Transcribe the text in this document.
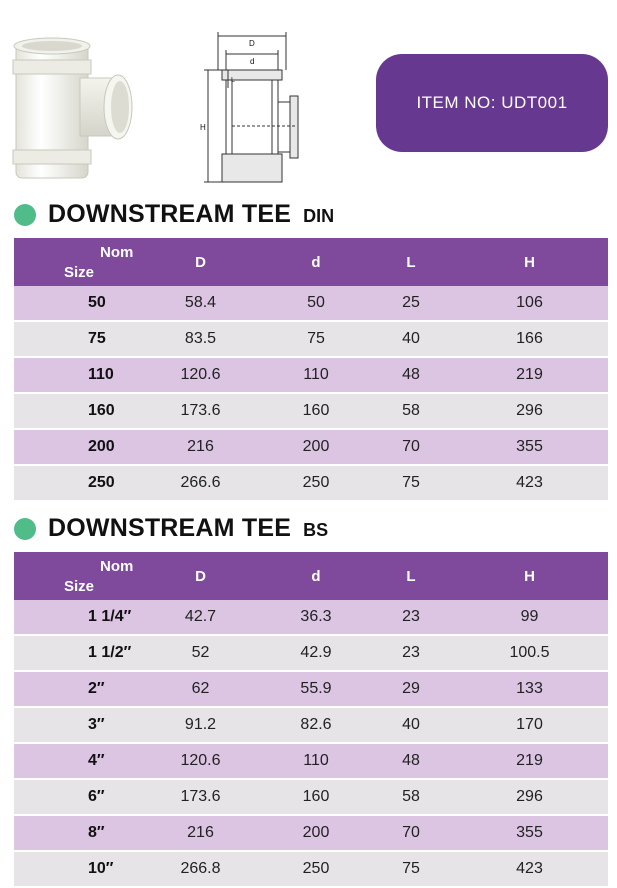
D
d
L
H
ITEM NO: UDT001
DOWNSTREAM TEE DIN
Nom
Size	D	d	L	H
50	58.4	50	25	106
75	83.5	75	40	166
110	120.6	110	48	219
160	173.6	160	58	296
200	216	200	70	355
250	266.6	250	75	423
DOWNSTREAM TEE BS
Nom
Size	D	d	L	H
1 1/4″	42.7	36.3	23	99
1 1/2″	52	42.9	23	100.5
2″	62	55.9	29	133
3″	91.2	82.6	40	170
4″	120.6	110	48	219
6″	173.6	160	58	296
8″	216	200	70	355
10″	266.8	250	75	423
